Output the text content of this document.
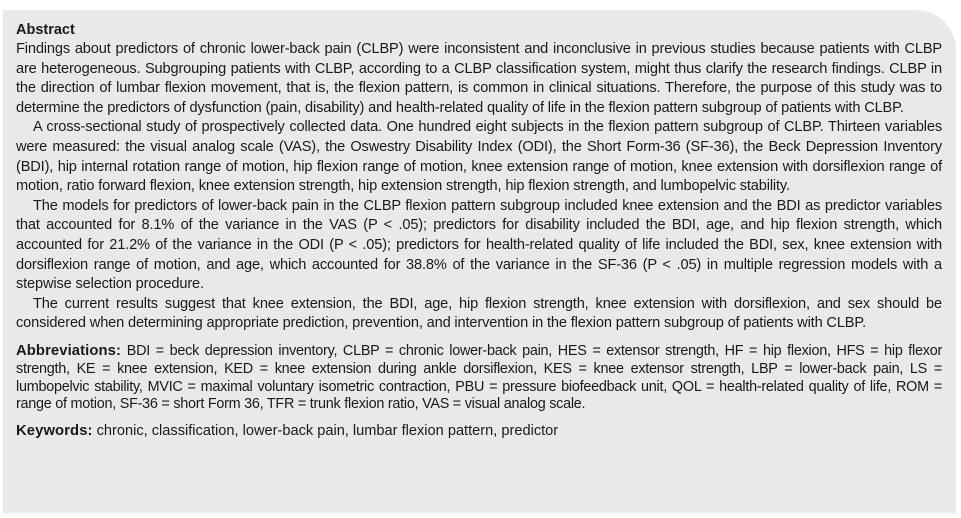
Abstract

Findings about predictors of chronic lower-back pain (CLBP) were inconsistent and inconclusive in previous studies because patients with CLBP are heterogeneous. Subgrouping patients with CLBP, according to a CLBP classification system, might thus clarify the research findings. CLBP in the direction of lumbar flexion movement, that is, the flexion pattern, is common in clinical situations. Therefore, the purpose of this study was to determine the predictors of dysfunction (pain, disability) and health-related quality of life in the flexion pattern subgroup of patients with CLBP.

A cross-sectional study of prospectively collected data. One hundred eight subjects in the flexion pattern subgroup of CLBP. Thirteen variables were measured: the visual analog scale (VAS), the Oswestry Disability Index (ODI), the Short Form-36 (SF-36), the Beck Depression Inventory (BDI), hip internal rotation range of motion, hip flexion range of motion, knee extension range of motion, knee extension with dorsiflexion range of motion, ratio forward flexion, knee extension strength, hip extension strength, hip flexion strength, and lumbopelvic stability.

The models for predictors of lower-back pain in the CLBP flexion pattern subgroup included knee extension and the BDI as predictor variables that accounted for 8.1% of the variance in the VAS (P < .05); predictors for disability included the BDI, age, and hip flexion strength, which accounted for 21.2% of the variance in the ODI (P < .05); predictors for health-related quality of life included the BDI, sex, knee extension with dorsiflexion range of motion, and age, which accounted for 38.8% of the variance in the SF-36 (P < .05) in multiple regression models with a stepwise selection procedure.

The current results suggest that knee extension, the BDI, age, hip flexion strength, knee extension with dorsiflexion, and sex should be considered when determining appropriate prediction, prevention, and intervention in the flexion pattern subgroup of patients with CLBP.

Abbreviations: BDI = beck depression inventory, CLBP = chronic lower-back pain, HES = extensor strength, HF = hip flexion, HFS = hip flexor strength, KE = knee extension, KED = knee extension during ankle dorsiflexion, KES = knee extensor strength, LBP = lower-back pain, LS = lumbopelvic stability, MVIC = maximal voluntary isometric contraction, PBU = pressure biofeedback unit, QOL = health-related quality of life, ROM = range of motion, SF-36 = short Form 36, TFR = trunk flexion ratio, VAS = visual analog scale.

Keywords: chronic, classification, lower-back pain, lumbar flexion pattern, predictor
